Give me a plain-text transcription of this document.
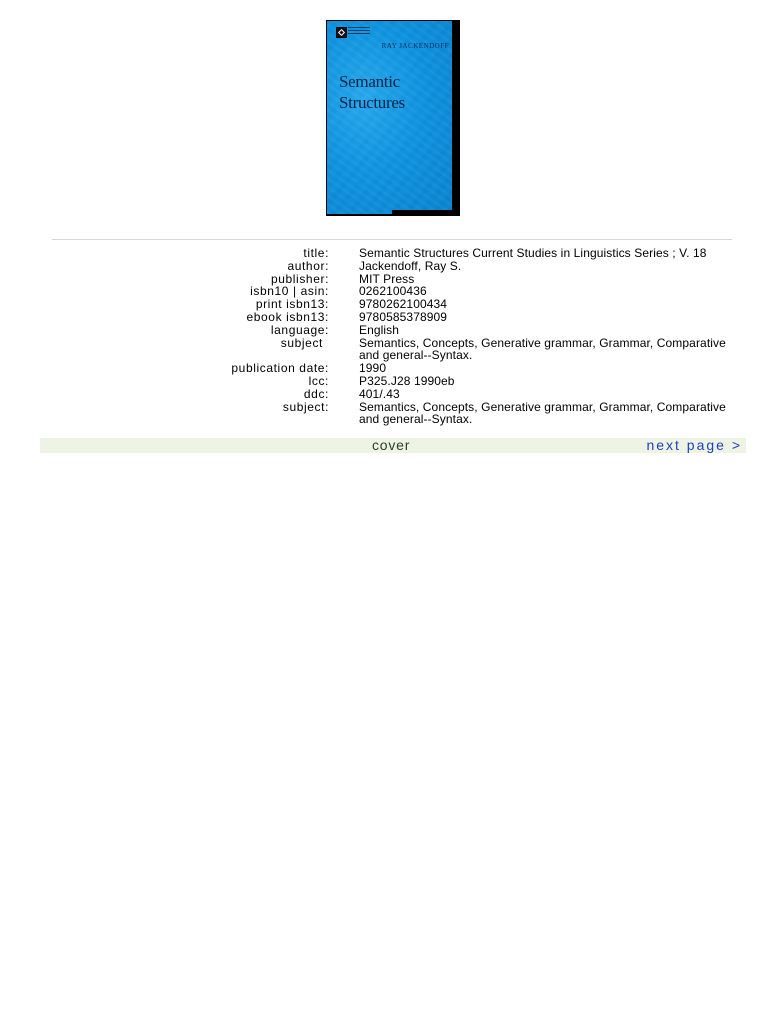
RAY JACKENDOFF
Semantic
Structures
title:	Semantic Structures Current Studies in Linguistics Series ; V. 18
author:	Jackendoff, Ray S.
publisher:	MIT Press
isbn10 | asin:	0262100436
print isbn13:	9780262100434
ebook isbn13:	9780585378909
language:	English
subject	Semantics, Concepts, Generative grammar, Grammar, Comparative and general--Syntax.
publication date:	1990
lcc:	P325.J28 1990eb
ddc:	401/.43
subject:	Semantics, Concepts, Generative grammar, Grammar, Comparative and general--Syntax.
cover	next page >
